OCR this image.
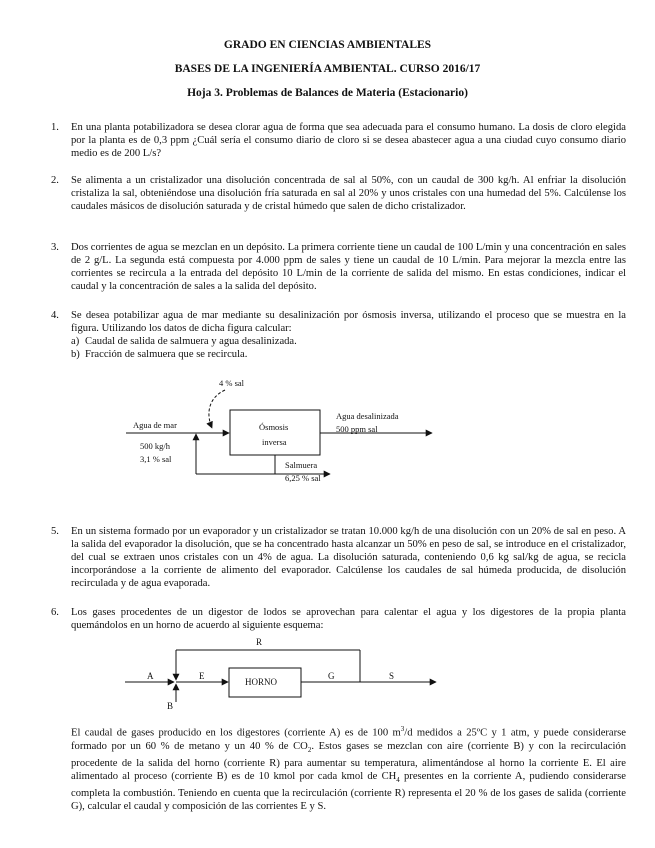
GRADO EN CIENCIAS AMBIENTALES
BASES DE LA INGENIERÍA AMBIENTAL. CURSO 2016/17
Hoja 3. Problemas de Balances de Materia (Estacionario)
1. En una planta potabilizadora se desea clorar agua de forma que sea adecuada para el consumo humano. La dosis de cloro elegida por la planta es de 0,3 ppm ¿Cuál sería el consumo diario de cloro si se desea abastecer agua a una ciudad cuyo consumo diario medio es de 200 L/s?
2. Se alimenta a un cristalizador una disolución concentrada de sal al 50%, con un caudal de 300 kg/h. Al enfriar la disolución cristaliza la sal, obteniéndose una disolución fría saturada en sal al 20% y unos cristales con una humedad del 5%. Calcúlense los caudales másicos de disolución saturada y de cristal húmedo que salen de dicho cristalizador.
3. Dos corrientes de agua se mezclan en un depósito. La primera corriente tiene un caudal de 100 L/min y una concentración en sales de 2 g/L. La segunda está compuesta por 4.000 ppm de sales y tiene un caudal de 10 L/min. Para mejorar la mezcla entre las corrientes se recircula a la entrada del depósito 10 L/min de la corriente de salida del mismo. En estas condiciones, indicar el caudal y la concentración de sales a la salida del depósito.
4. Se desea potabilizar agua de mar mediante su desalinización por ósmosis inversa, utilizando el proceso que se muestra en la figura. Utilizando los datos de dicha figura calcular:
a) Caudal de salida de salmuera y agua desalinizada.
b) Fracción de salmuera que se recircula.
4 % sal
Agua de mar
500 kg/h
3,1 % sal
Ósmosis
inversa
Agua desalinizada
500 ppm sal
Salmuera
6,25 % sal
5. En un sistema formado por un evaporador y un cristalizador se tratan 10.000 kg/h de una disolución con un 20% de sal en peso. A la salida del evaporador la disolución, que se ha concentrado hasta alcanzar un 50% en peso de sal, se introduce en el cristalizador, del cual se extraen unos cristales con un 4% de agua. La disolución saturada, conteniendo 0,6 kg sal/kg de agua, se recicla incorporándose a la corriente de alimento del evaporador. Calcúlense los caudales de sal húmeda producida, de disolución recirculada y de agua evaporada.
6. Los gases procedentes de un digestor de lodos se aprovechan para calentar el agua y los digestores de la propia planta quemándolos en un horno de acuerdo al siguiente esquema:
A	E
R
G	S
B
HORNO
El caudal de gases producido en los digestores (corriente A) es de 100 $m^3/d$ medidos a 25ºC y 1 atm, y puede considerarse formado por un 60 % de metano y un 40 % de $CO_2$. Estos gases se mezclan con aire (corriente B) y con la recirculación procedente de la salida del horno (corriente R) para aumentar su temperatura, alimentándose al horno la corriente E. El aire alimentado al proceso (corriente B) es de 10 kmol por cada kmol de $CH_4$ presentes en la corriente A, pudiendo considerarse completa la combustión. Teniendo en cuenta que la recirculación (corriente R) representa el 20 % de los gases de salida (corriente G), calcular el caudal y composición de las corrientes E y S.
